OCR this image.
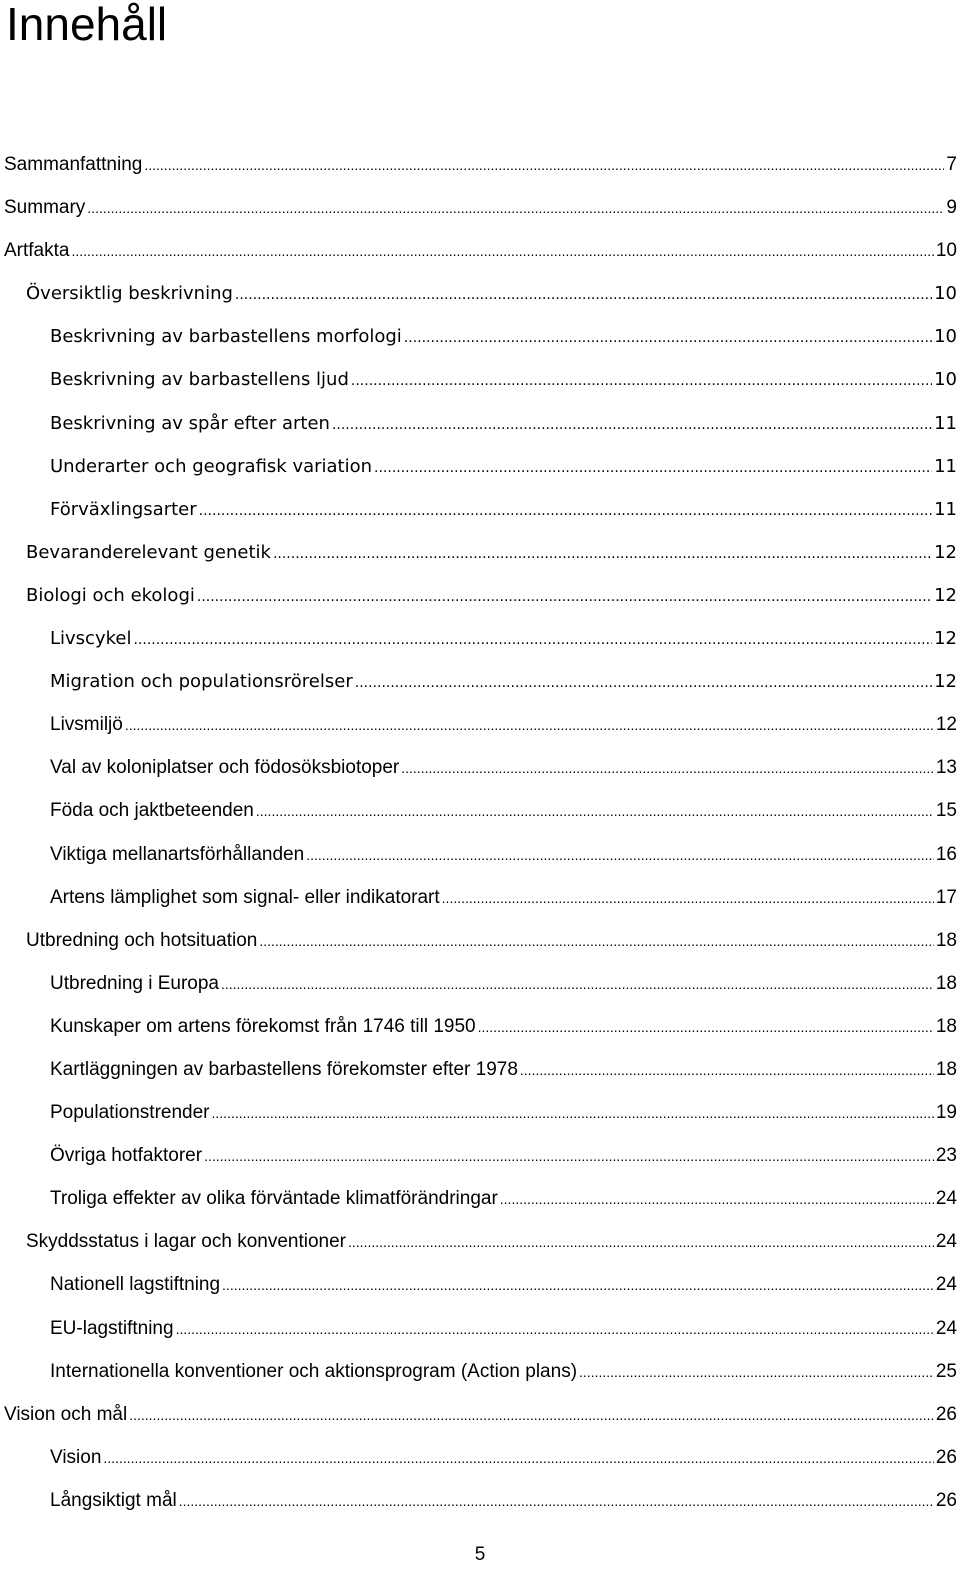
Innehåll
Sammanfattning .....	7
Summary .....	9
Artfakta .....	10
Översiktlig beskrivning .....	10
Beskrivning av barbastellens morfologi .....	10
Beskrivning av barbastellens ljud .....	10
Beskrivning av spår efter arten .....	11
Underarter och geografisk variation .....	11
Förväxlingsarter .....	11
Bevaranderelevant genetik .....	12
Biologi och ekologi .....	12
Livscykel .....	12
Migration och populationsrörelser .....	12
Livsmiljö .....	12
Val av koloniplatser och födosöksbiotoper .....	13
Föda och jaktbeteenden .....	15
Viktiga mellanartsförhållanden .....	16
Artens lämplighet som signal- eller indikatorart .....	17
Utbredning och hotsituation .....	18
Utbredning i Europa .....	18
Kunskaper om artens förekomst från 1746 till 1950 .....	18
Kartläggningen av barbastellens förekomster efter 1978 .....	18
Populationstrender .....	19
Övriga hotfaktorer .....	23
Troliga effekter av olika förväntade klimatförändringar .....	24
Skyddsstatus i lagar och konventioner .....	24
Nationell lagstiftning .....	24
EU-lagstiftning .....	24
Internationella konventioner och aktionsprogram (Action plans) .....	25
Vision och mål .....	26
Vision .....	26
Långsiktigt mål .....	26
5
